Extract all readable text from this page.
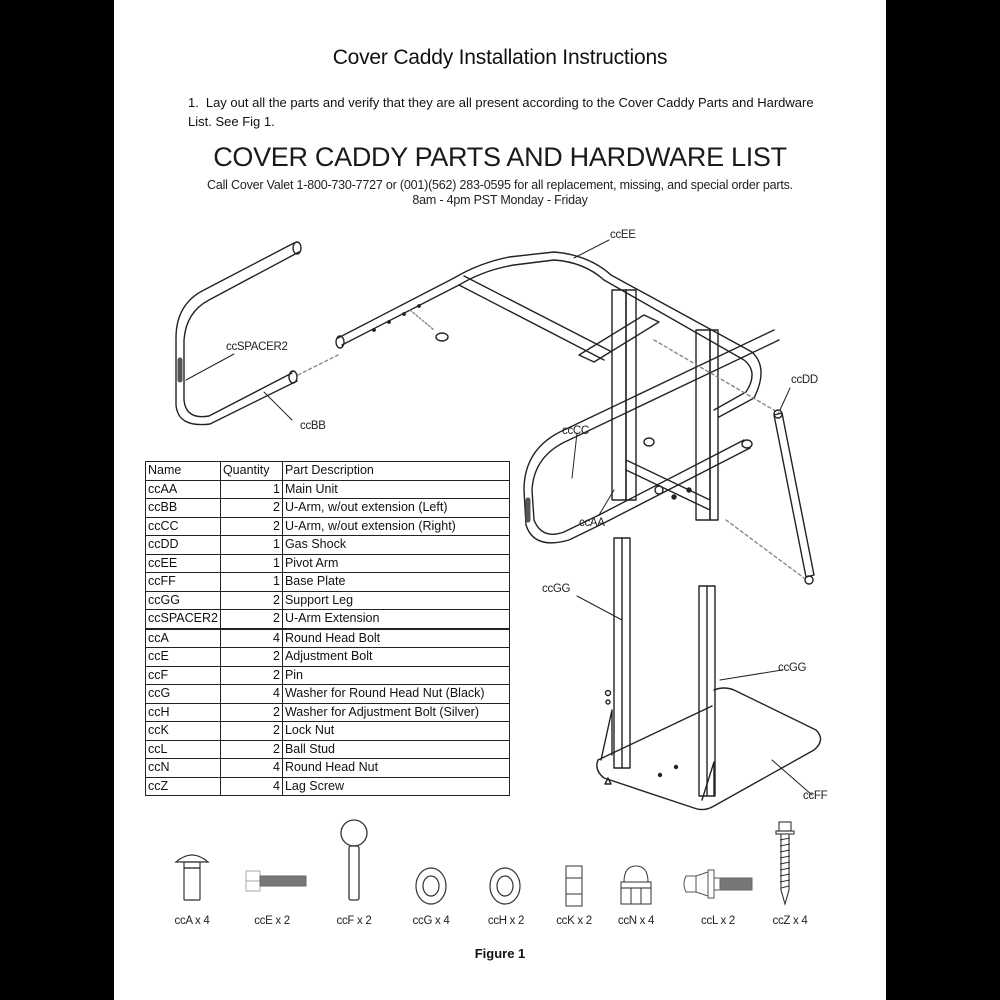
Cover Caddy Installation Instructions
1. Lay out all the parts and verify that they are all present according to the Cover Caddy Parts and Hardware List. See Fig 1.
COVER CADDY PARTS AND HARDWARE LIST
Call Cover Valet 1-800-730-7727 or (001)(562) 283-0595 for all replacement, missing, and special order parts.
8am - 4pm PST Monday - Friday
ccEE
ccSPACER2
ccBB	ccCC
ccDD
ccAA
ccGG
ccGG
ccFF
Name	Quantity	Part Description
ccAA	1	Main Unit
ccBB	2	U-Arm, w/out extension (Left)
ccCC	2	U-Arm, w/out extension (Right)
ccDD	1	Gas Shock
ccEE	1	Pivot Arm
ccFF	1	Base Plate
ccGG	2	Support Leg
ccSPACER2	2	U-Arm Extension
ccA	4	Round Head Bolt
ccE	2	Adjustment Bolt
ccF	2	Pin
ccG	4	Washer for Round Head Nut (Black)
ccH	2	Washer for Adjustment Bolt (Silver)
ccK	2	Lock Nut
ccL	2	Ball Stud
ccN	4	Round Head Nut
ccZ	4	Lag Screw
ccA x 4	ccE x 2	ccF x 2	ccG x 4	ccH x 2	ccK x 2	ccN x 4	ccL x 2	ccZ x 4
Figure 1
